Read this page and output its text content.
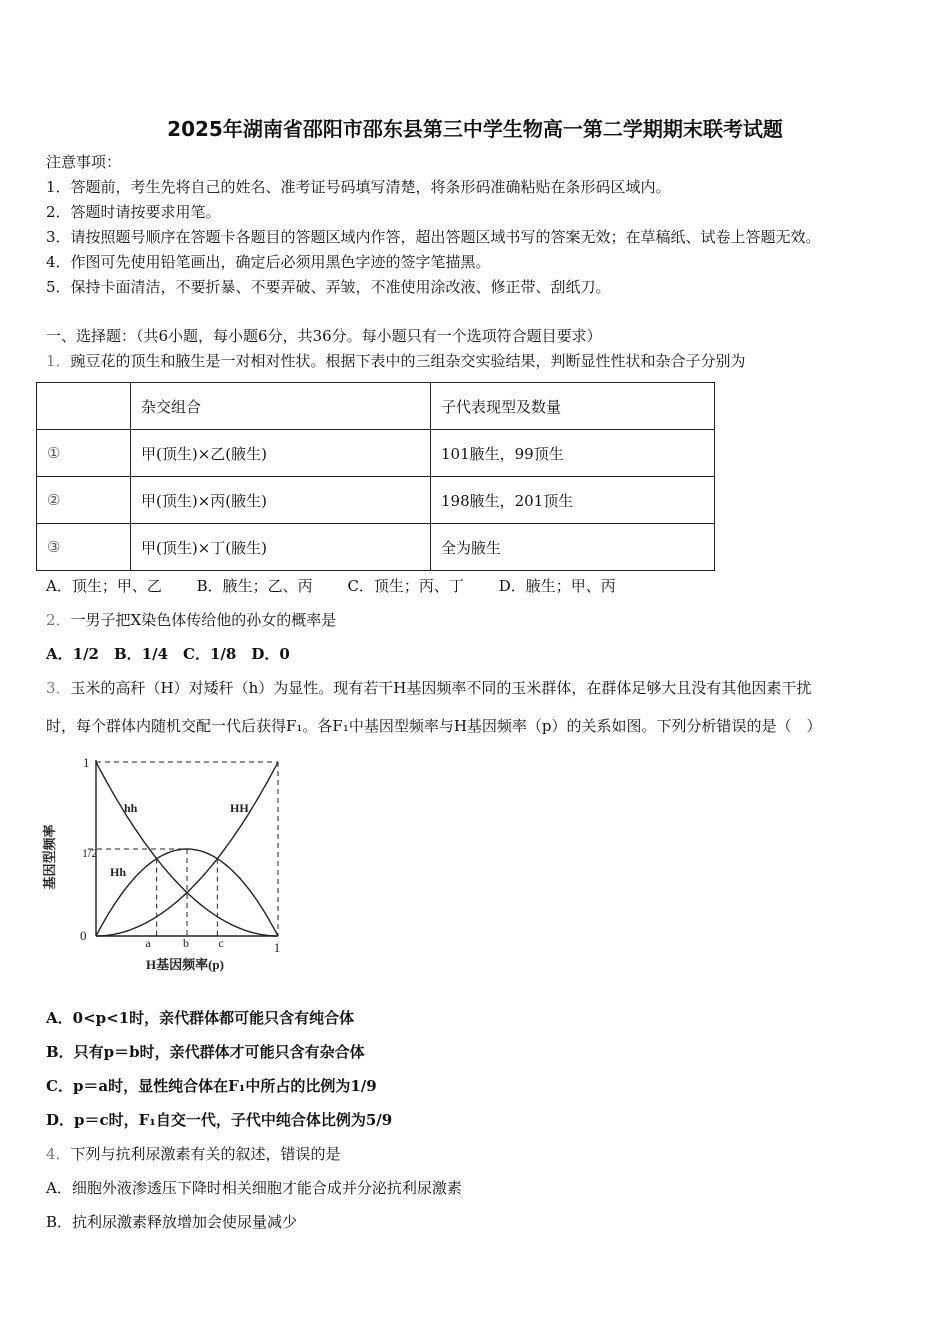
2025年湖南省邵阳市邵东县第三中学生物高一第二学期期末联考试题
注意事项：
1．答题前，考生先将自己的姓名、准考证号码填写清楚，将条形码准确粘贴在条形码区域内。
2．答题时请按要求用笔。
3．请按照题号顺序在答题卡各题目的答题区域内作答，超出答题区域书写的答案无效；在草稿纸、试卷上答题无效。
4．作图可先使用铅笔画出，确定后必须用黑色字迹的签字笔描黑。
5．保持卡面清洁，不要折暴、不要弄破、弄皱，不准使用涂改液、修正带、刮纸刀。
一、选择题：（共6小题，每小题6分，共36分。每小题只有一个选项符合题目要求）
1．豌豆花的顶生和腋生是一对相对性状。根据下表中的三组杂交实验结果，判断显性性状和杂合子分别为
	杂交组合	子代表现型及数量
①	甲(顶生)×乙(腋生)	101腋生，99顶生
②	甲(顶生)×丙(腋生)	198腋生，201顶生
③	甲(顶生)×丁(腋生)	全为腋生
A．顶生；甲、乙 B．腋生；乙、丙 C．顶生；丙、丁 D．腋生；甲、丙
2．一男子把X染色体传给他的孙女的概率是
A．1/2　B．1/4　C．1/8　D．0
3．玉米的高秆（H）对矮秆（h）为显性。现有若干H基因频率不同的玉米群体，在群体足够大且没有其他因素干扰
时，每个群体内随机交配一代后获得F₁。各F₁中基因型频率与H基因频率（p）的关系如图。下列分析错误的是（　）
基因型频率
1
1/2
0	a	b c	1
H基因频率(p)
hh
Hh
HH
A．0<p<1时，亲代群体都可能只含有纯合体
B．只有p＝b时，亲代群体才可能只含有杂合体
C．p＝a时，显性纯合体在F₁中所占的比例为1/9
D．p＝c时，F₁自交一代，子代中纯合体比例为5/9
4．下列与抗利尿激素有关的叙述，错误的是
A．细胞外液渗透压下降时相关细胞才能合成并分泌抗利尿激素
B．抗利尿激素释放增加会使尿量减少
